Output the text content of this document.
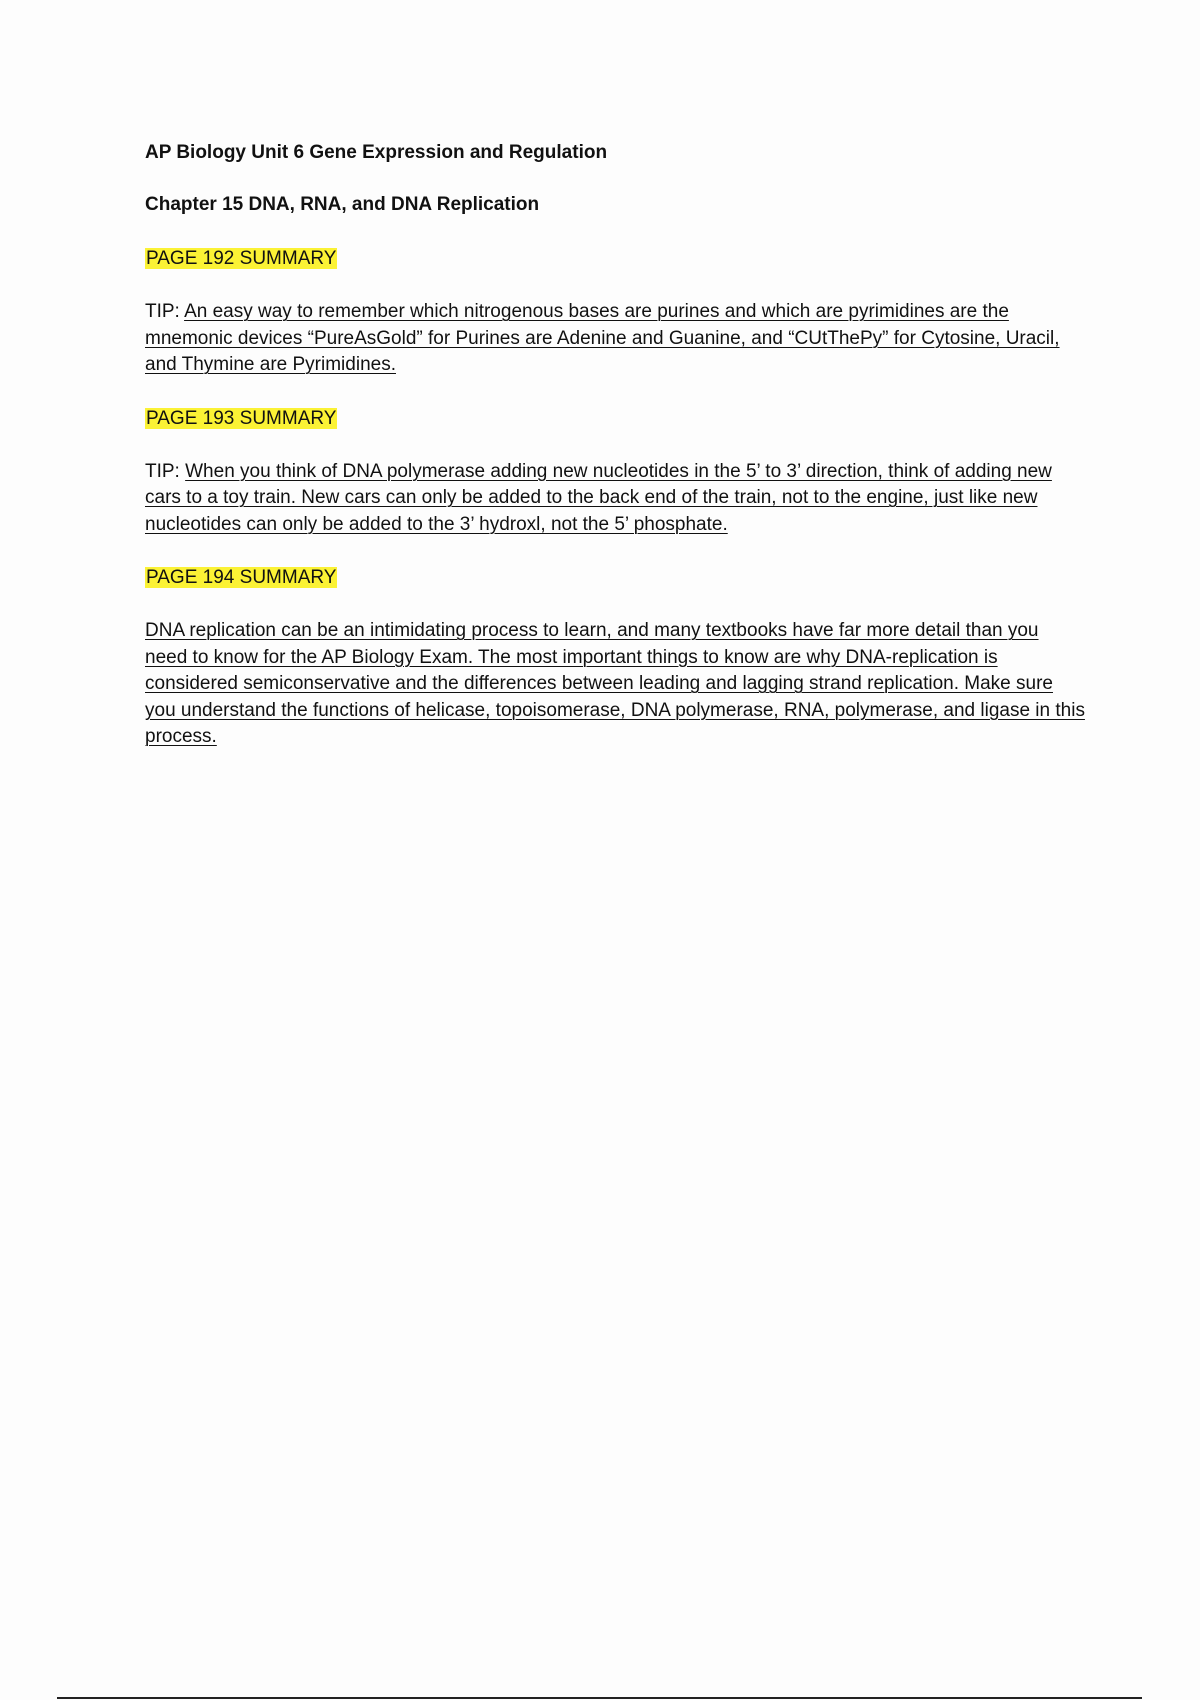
AP Biology Unit 6 Gene Expression and Regulation

Chapter 15 DNA, RNA, and DNA Replication

PAGE 192 SUMMARY

TIP: An easy way to remember which nitrogenous bases are purines and which are pyrimidines are the mnemonic devices “PureAsGold” for Purines are Adenine and Guanine, and “CUtThePy” for Cytosine, Uracil, and Thymine are Pyrimidines.

PAGE 193 SUMMARY

TIP: When you think of DNA polymerase adding new nucleotides in the 5’ to 3’ direction, think of adding new cars to a toy train. New cars can only be added to the back end of the train, not to the engine, just like new nucleotides can only be added to the 3’ hydroxl, not the 5’ phosphate.

PAGE 194 SUMMARY

DNA replication can be an intimidating process to learn, and many textbooks have far more detail than you need to know for the AP Biology Exam. The most important things to know are why DNA-replication is considered semiconservative and the differences between leading and lagging strand replication. Make sure you understand the functions of helicase, topoisomerase, DNA polymerase, RNA, polymerase, and ligase in this process.
